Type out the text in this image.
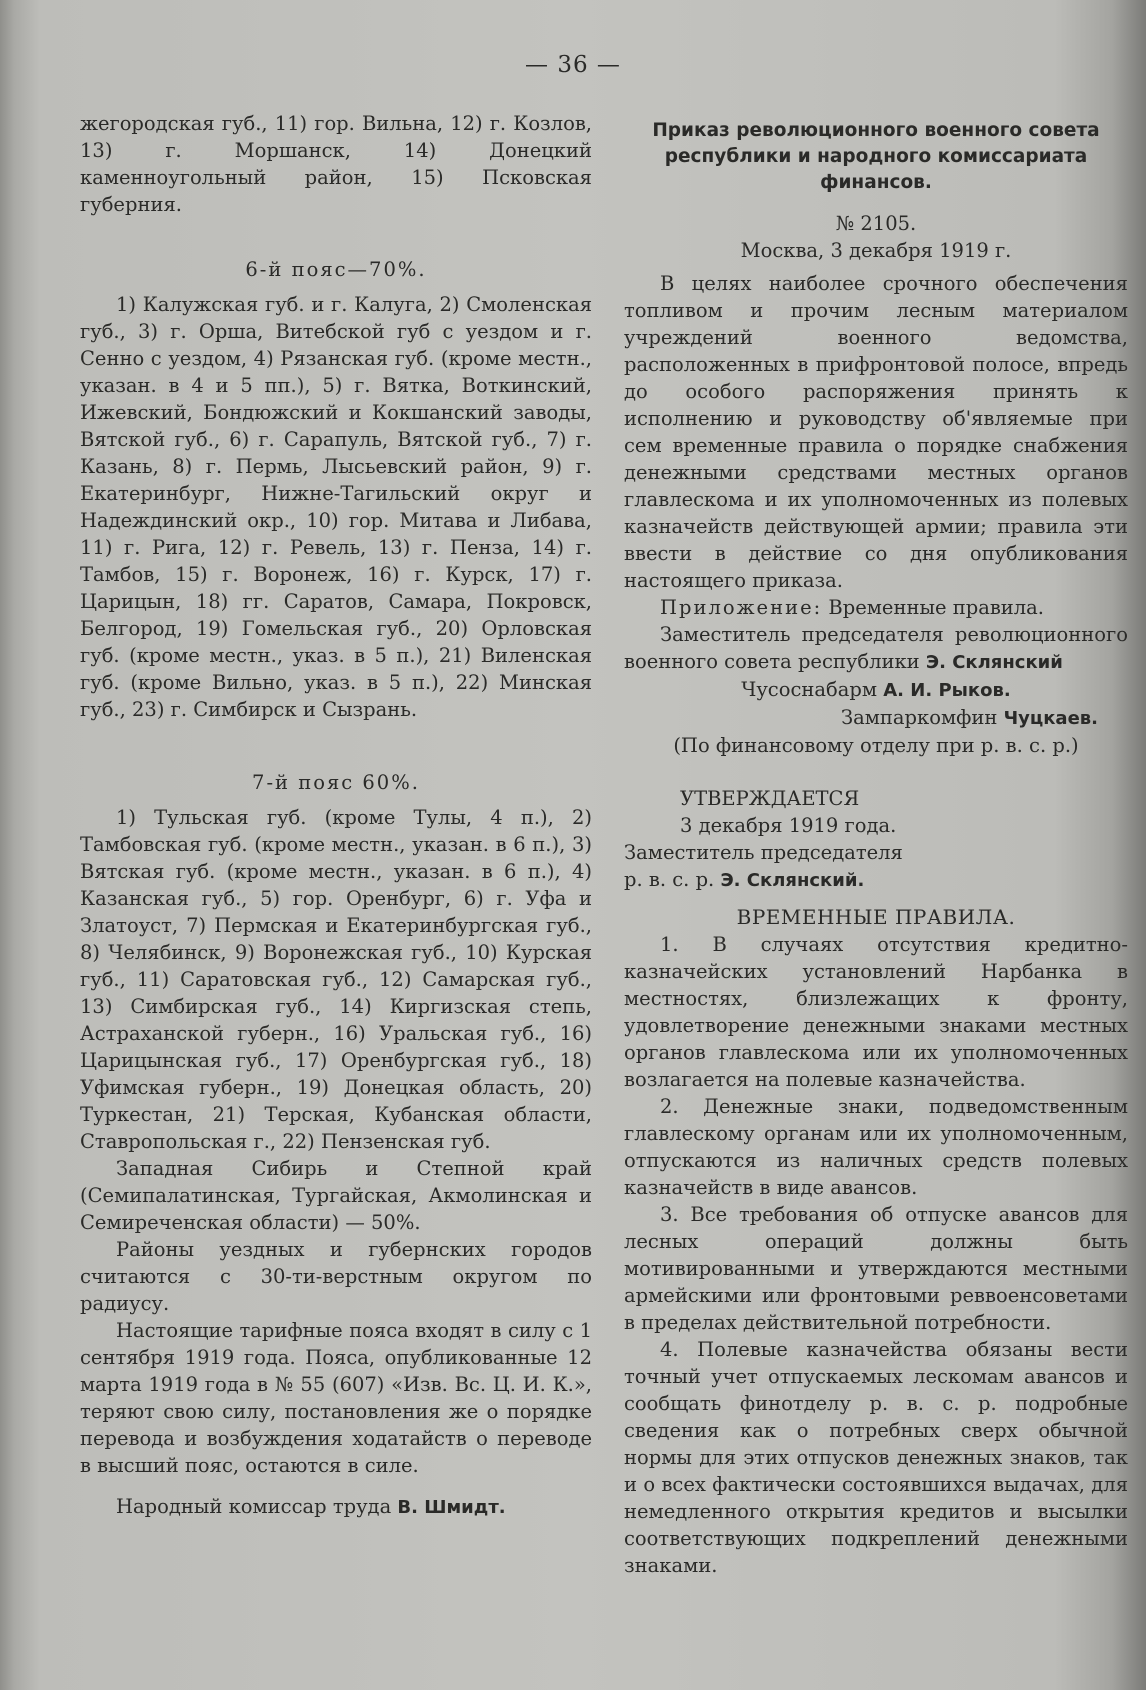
— 36 —

жегородская губ., 11) гор. Вильна, 12) г. Козлов, 13) г. Моршанск, 14) Донецкий каменноугольный район, 15) Псковская губерния.

6-й пояс—70%.

1) Калужская губ. и г. Калуга, 2) Смоленская губ., 3) г. Орша, Витебской губ с уездом и г. Сенно с уездом, 4) Рязанская губ. (кроме местн., указан. в 4 и 5 пп.), 5) г. Вятка, Воткинский, Ижевский, Бондюжский и Кокшанский заводы, Вятской губ., 6) г. Сарапуль, Вятской губ., 7) г. Казань, 8) г. Пермь, Лысьевский район, 9) г. Екатеринбург, Нижне-Тагильский округ и Надеждинский окр., 10) гор. Митава и Либава, 11) г. Рига, 12) г. Ревель, 13) г. Пенза, 14) г. Тамбов, 15) г. Воронеж, 16) г. Курск, 17) г. Царицын, 18) гг. Саратов, Самара, Покровск, Белгород, 19) Гомельская губ., 20) Орловская губ. (кроме местн., указ. в 5 п.), 21) Виленская губ. (кроме Вильно, указ. в 5 п.), 22) Минская губ., 23) г. Симбирск и Сызрань.

7-й пояс 60%.

1) Тульская губ. (кроме Тулы, 4 п.), 2) Тамбовская губ. (кроме местн., указан. в 6 п.), 3) Вятская губ. (кроме местн., указан. в 6 п.), 4) Казанская губ., 5) гор. Оренбург, 6) г. Уфа и Златоуст, 7) Пермская и Екатеринбургская губ., 8) Челябинск, 9) Воронежская губ., 10) Курская губ., 11) Саратовская губ., 12) Самарская губ., 13) Симбирская губ., 14) Киргизская степь, Астраханской губерн., 16) Уральская губ., 16) Царицынская губ., 17) Оренбургская губ., 18) Уфимская губерн., 19) Донецкая область, 20) Туркестан, 21) Терская, Кубанская области, Ставропольская г., 22) Пензенская губ.

Западная Сибирь и Степной край (Семипалатинская, Тургайская, Акмолинская и Семиреченская области) — 50%.

Районы уездных и губернских городов считаются с 30-ти-верстным округом по радиусу.

Настоящие тарифные пояса входят в силу с 1 сентября 1919 года. Пояса, опубликованные 12 марта 1919 года в № 55 (607) «Изв. Вс. Ц. И. К.», теряют свою силу, постановления же о порядке перевода и возбуждения ходатайств о переводе в высший пояс, остаются в силе.

Народный комиссар труда В. Шмидт.

Приказ революционного военного совета республики и народного комиссариата финансов.

№ 2105.

Москва, 3 декабря 1919 г.

В целях наиболее срочного обеспечения топливом и прочим лесным материалом учреждений военного ведомства, расположенных в прифронтовой полосе, впредь до особого распоряжения принять к исполнению и руководству об'являемые при сем временные правила о порядке снабжения денежными средствами местных органов главлескома и их уполномоченных из полевых казначейств действующей армии; правила эти ввести в действие со дня опубликования настоящего приказа.

Приложение: Временные правила.

Заместитель председателя революционного военного совета республики Э. Склянский

Чусоснабарм А. И. Рыков.

Зампаркомфин Чуцкаев.

(По финансовому отделу при р. в. с. р.)

УТВЕРЖДАЕТСЯ

3 декабря 1919 года.

Заместитель председателя

р. в. с. р. Э. Склянский.

ВРЕМЕННЫЕ ПРАВИЛА.

1. В случаях отсутствия кредитно-казначейских установлений Нарбанка в местностях, близлежащих к фронту, удовлетворение денежными знаками местных органов главлескома или их уполномоченных возлагается на полевые казначейства.

2. Денежные знаки, подведомственным главлескому органам или их уполномоченным, отпускаются из наличных средств полевых казначейств в виде авансов.

3. Все требования об отпуске авансов для лесных операций должны быть мотивированными и утверждаются местными армейскими или фронтовыми реввоенсоветами в пределах действительной потребности.

4. Полевые казначейства обязаны вести точный учет отпускаемых лескомам авансов и сообщать финотделу р. в. с. р. подробные сведения как о потребных сверх обычной нормы для этих отпусков денежных знаков, так и о всех фактически состоявшихся выдачах, для немедленного открытия кредитов и высылки соответствующих подкреплений денежными знаками.
